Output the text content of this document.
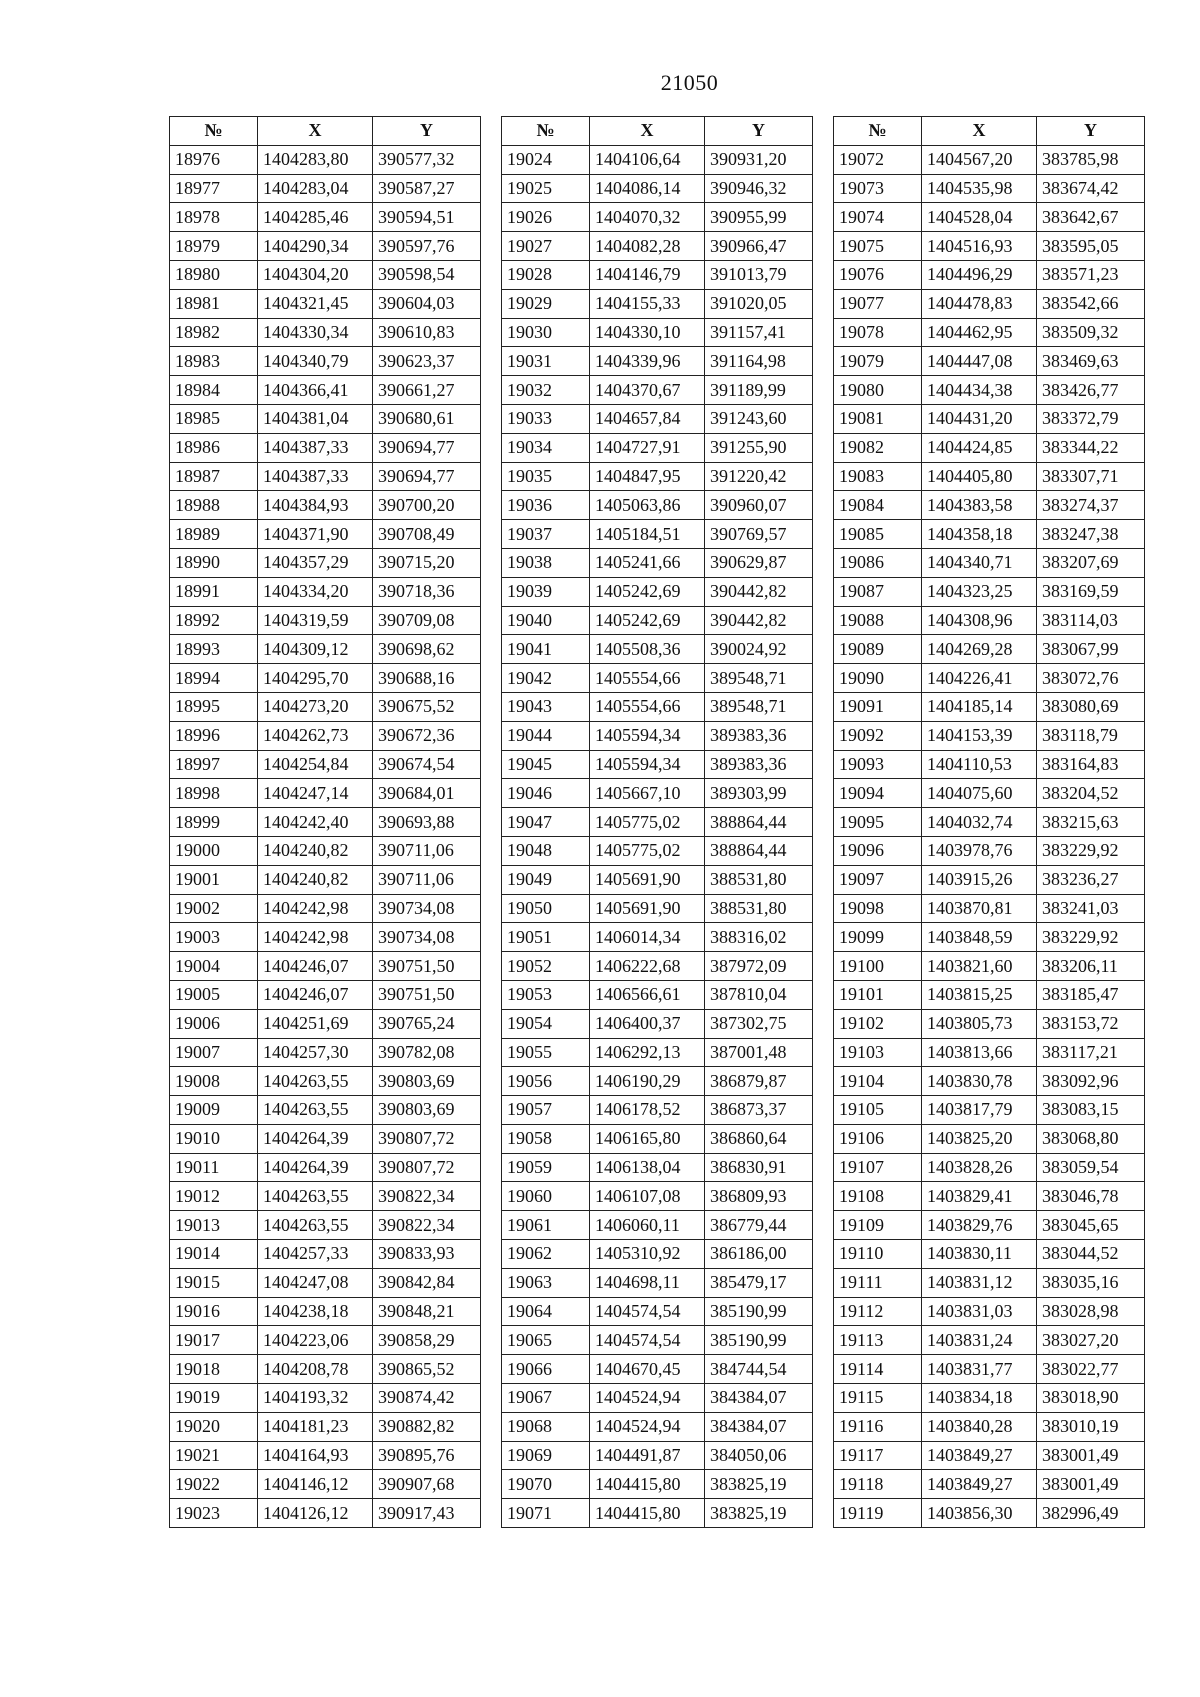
21050
№	X	Y
18976	1404283,80	390577,32
18977	1404283,04	390587,27
18978	1404285,46	390594,51
18979	1404290,34	390597,76
18980	1404304,20	390598,54
18981	1404321,45	390604,03
18982	1404330,34	390610,83
18983	1404340,79	390623,37
18984	1404366,41	390661,27
18985	1404381,04	390680,61
18986	1404387,33	390694,77
18987	1404387,33	390694,77
18988	1404384,93	390700,20
18989	1404371,90	390708,49
18990	1404357,29	390715,20
18991	1404334,20	390718,36
18992	1404319,59	390709,08
18993	1404309,12	390698,62
18994	1404295,70	390688,16
18995	1404273,20	390675,52
18996	1404262,73	390672,36
18997	1404254,84	390674,54
18998	1404247,14	390684,01
18999	1404242,40	390693,88
19000	1404240,82	390711,06
19001	1404240,82	390711,06
19002	1404242,98	390734,08
19003	1404242,98	390734,08
19004	1404246,07	390751,50
19005	1404246,07	390751,50
19006	1404251,69	390765,24
19007	1404257,30	390782,08
19008	1404263,55	390803,69
19009	1404263,55	390803,69
19010	1404264,39	390807,72
19011	1404264,39	390807,72
19012	1404263,55	390822,34
19013	1404263,55	390822,34
19014	1404257,33	390833,93
19015	1404247,08	390842,84
19016	1404238,18	390848,21
19017	1404223,06	390858,29
19018	1404208,78	390865,52
19019	1404193,32	390874,42
19020	1404181,23	390882,82
19021	1404164,93	390895,76
19022	1404146,12	390907,68
19023	1404126,12	390917,43
№	X	Y
19024	1404106,64	390931,20
19025	1404086,14	390946,32
19026	1404070,32	390955,99
19027	1404082,28	390966,47
19028	1404146,79	391013,79
19029	1404155,33	391020,05
19030	1404330,10	391157,41
19031	1404339,96	391164,98
19032	1404370,67	391189,99
19033	1404657,84	391243,60
19034	1404727,91	391255,90
19035	1404847,95	391220,42
19036	1405063,86	390960,07
19037	1405184,51	390769,57
19038	1405241,66	390629,87
19039	1405242,69	390442,82
19040	1405242,69	390442,82
19041	1405508,36	390024,92
19042	1405554,66	389548,71
19043	1405554,66	389548,71
19044	1405594,34	389383,36
19045	1405594,34	389383,36
19046	1405667,10	389303,99
19047	1405775,02	388864,44
19048	1405775,02	388864,44
19049	1405691,90	388531,80
19050	1405691,90	388531,80
19051	1406014,34	388316,02
19052	1406222,68	387972,09
19053	1406566,61	387810,04
19054	1406400,37	387302,75
19055	1406292,13	387001,48
19056	1406190,29	386879,87
19057	1406178,52	386873,37
19058	1406165,80	386860,64
19059	1406138,04	386830,91
19060	1406107,08	386809,93
19061	1406060,11	386779,44
19062	1405310,92	386186,00
19063	1404698,11	385479,17
19064	1404574,54	385190,99
19065	1404574,54	385190,99
19066	1404670,45	384744,54
19067	1404524,94	384384,07
19068	1404524,94	384384,07
19069	1404491,87	384050,06
19070	1404415,80	383825,19
19071	1404415,80	383825,19
№	X	Y
19072	1404567,20	383785,98
19073	1404535,98	383674,42
19074	1404528,04	383642,67
19075	1404516,93	383595,05
19076	1404496,29	383571,23
19077	1404478,83	383542,66
19078	1404462,95	383509,32
19079	1404447,08	383469,63
19080	1404434,38	383426,77
19081	1404431,20	383372,79
19082	1404424,85	383344,22
19083	1404405,80	383307,71
19084	1404383,58	383274,37
19085	1404358,18	383247,38
19086	1404340,71	383207,69
19087	1404323,25	383169,59
19088	1404308,96	383114,03
19089	1404269,28	383067,99
19090	1404226,41	383072,76
19091	1404185,14	383080,69
19092	1404153,39	383118,79
19093	1404110,53	383164,83
19094	1404075,60	383204,52
19095	1404032,74	383215,63
19096	1403978,76	383229,92
19097	1403915,26	383236,27
19098	1403870,81	383241,03
19099	1403848,59	383229,92
19100	1403821,60	383206,11
19101	1403815,25	383185,47
19102	1403805,73	383153,72
19103	1403813,66	383117,21
19104	1403830,78	383092,96
19105	1403817,79	383083,15
19106	1403825,20	383068,80
19107	1403828,26	383059,54
19108	1403829,41	383046,78
19109	1403829,76	383045,65
19110	1403830,11	383044,52
19111	1403831,12	383035,16
19112	1403831,03	383028,98
19113	1403831,24	383027,20
19114	1403831,77	383022,77
19115	1403834,18	383018,90
19116	1403840,28	383010,19
19117	1403849,27	383001,49
19118	1403849,27	383001,49
19119	1403856,30	382996,49
